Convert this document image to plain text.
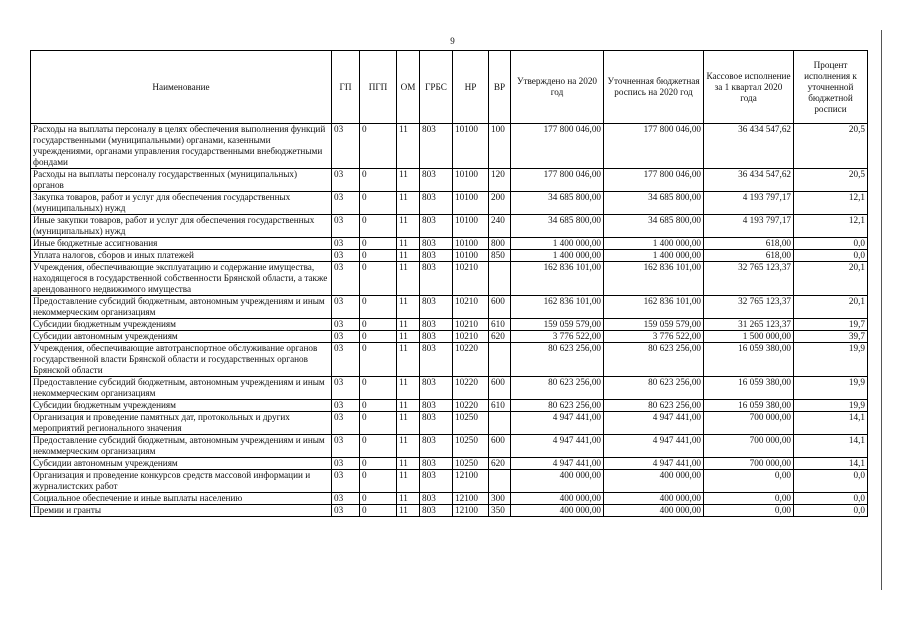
9
Наименование	ГП	ПГП	ОМ	ГРБС	НР	ВР	Утверждено на 2020 год	Уточненная бюджетная роспись на 2020 год	Кассовое исполнение за 1 квартал 2020 года	Процент исполнения к уточненной бюджетной росписи
Расходы на выплаты персоналу в целях обеспечения выполнения функций государственными (муниципальными) органами, казенными учреждениями, органами управления государственными внебюджетными фондами	03	0	11	803	10100	100	177 800 046,00	177 800 046,00	36 434 547,62	20,5
Расходы на выплаты персоналу государственных (муниципальных) органов	03	0	11	803	10100	120	177 800 046,00	177 800 046,00	36 434 547,62	20,5
Закупка товаров, работ и услуг для обеспечения государственных (муниципальных) нужд	03	0	11	803	10100	200	34 685 800,00	34 685 800,00	4 193 797,17	12,1
Иные закупки товаров, работ и услуг для обеспечения государственных (муниципальных) нужд	03	0	11	803	10100	240	34 685 800,00	34 685 800,00	4 193 797,17	12,1
Иные бюджетные ассигнования	03	0	11	803	10100	800	1 400 000,00	1 400 000,00	618,00	0,0
Уплата налогов, сборов и иных платежей	03	0	11	803	10100	850	1 400 000,00	1 400 000,00	618,00	0,0
Учреждения, обеспечивающие эксплуатацию и содержание имущества, находящегося в государственной собственности Брянской области, а также арендованного недвижимого имущества	03	0	11	803	10210		162 836 101,00	162 836 101,00	32 765 123,37	20,1
Предоставление субсидий бюджетным, автономным учреждениям и иным некоммерческим организациям	03	0	11	803	10210	600	162 836 101,00	162 836 101,00	32 765 123,37	20,1
Субсидии бюджетным учреждениям	03	0	11	803	10210	610	159 059 579,00	159 059 579,00	31 265 123,37	19,7
Субсидии автономным учреждениям	03	0	11	803	10210	620	3 776 522,00	3 776 522,00	1 500 000,00	39,7
Учреждения, обеспечивающие автотранспортное обслуживание органов государственной власти Брянской области и государственных органов Брянской области	03	0	11	803	10220		80 623 256,00	80 623 256,00	16 059 380,00	19,9
Предоставление субсидий бюджетным, автономным учреждениям и иным некоммерческим организациям	03	0	11	803	10220	600	80 623 256,00	80 623 256,00	16 059 380,00	19,9
Субсидии бюджетным учреждениям	03	0	11	803	10220	610	80 623 256,00	80 623 256,00	16 059 380,00	19,9
Организация и проведение памятных дат, протокольных и других мероприятий регионального значения	03	0	11	803	10250		4 947 441,00	4 947 441,00	700 000,00	14,1
Предоставление субсидий бюджетным, автономным учреждениям и иным некоммерческим организациям	03	0	11	803	10250	600	4 947 441,00	4 947 441,00	700 000,00	14,1
Субсидии автономным учреждениям	03	0	11	803	10250	620	4 947 441,00	4 947 441,00	700 000,00	14,1
Организация и проведение конкурсов средств массовой информации и журналистских работ	03	0	11	803	12100		400 000,00	400 000,00	0,00	0,0
Социальное обеспечение и иные выплаты населению	03	0	11	803	12100	300	400 000,00	400 000,00	0,00	0,0
Премии и гранты	03	0	11	803	12100	350	400 000,00	400 000,00	0,00	0,0
